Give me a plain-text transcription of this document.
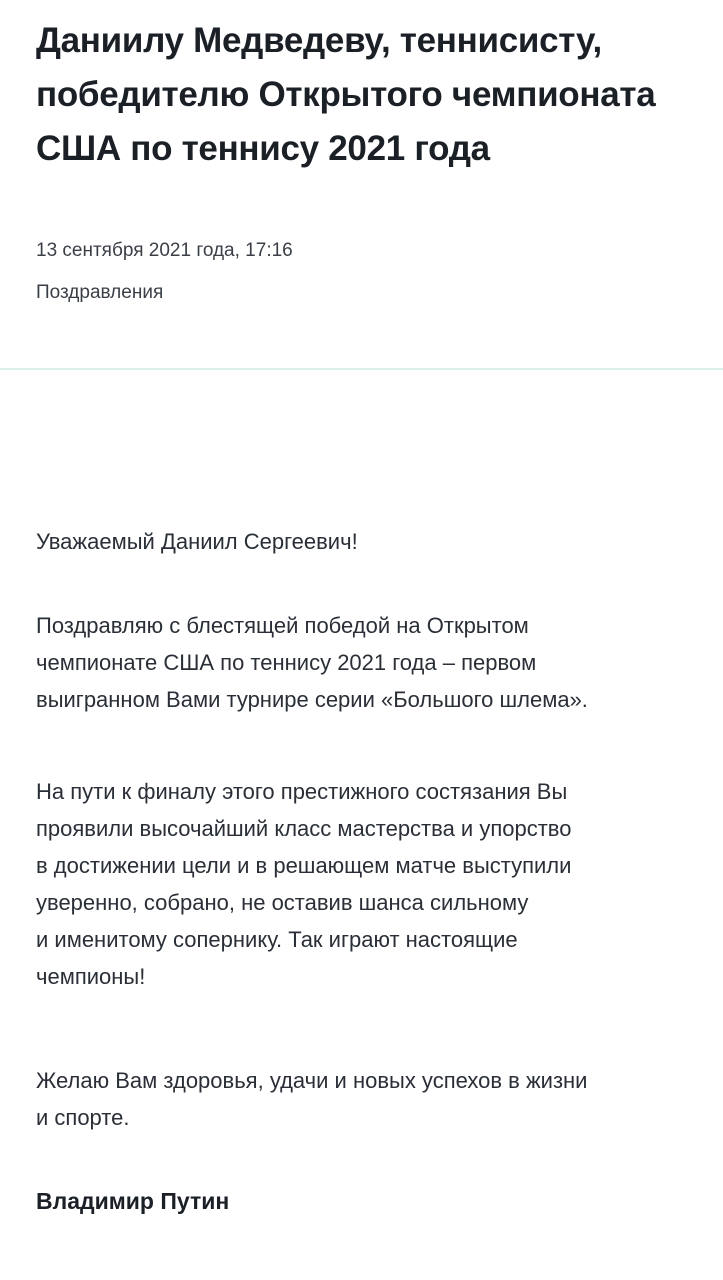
Даниилу Медведеву, теннисисту,
победителю Открытого чемпионата
США по теннису 2021 года
13 сентября 2021 года, 17:16
Поздравления
Уважаемый Даниил Сергеевич!
Поздравляю с блестящей победой на Открытом
чемпионате США по теннису 2021 года – первом
выигранном Вами турнире серии «Большого шлема».
На пути к финалу этого престижного состязания Вы
проявили высочайший класс мастерства и упорство
в достижении цели и в решающем матче выступили
уверенно, собрано, не оставив шанса сильному
и именитому сопернику. Так играют настоящие
чемпионы!
Желаю Вам здоровья, удачи и новых успехов в жизни
и спорте.
Владимир Путин
